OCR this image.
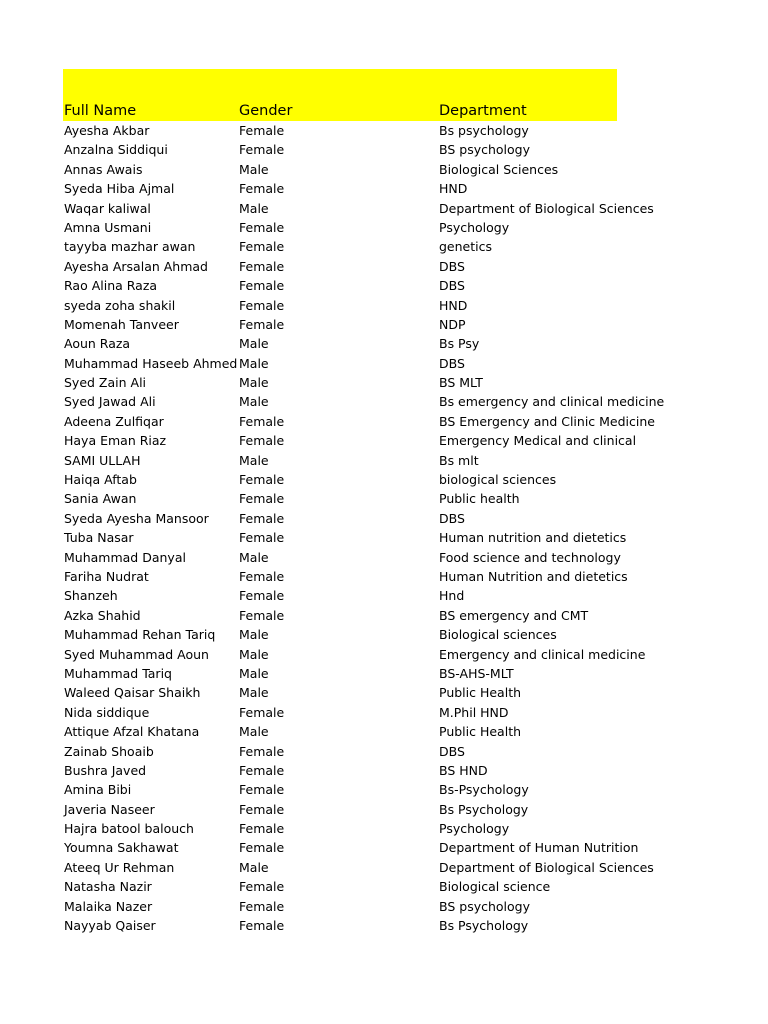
Full Name	Gender	Department
Ayesha Akbar	Female	Bs psychology
Anzalna Siddiqui	Female	BS psychology
Annas Awais	Male	Biological Sciences
Syeda Hiba Ajmal	Female	HND
Waqar kaliwal	Male	Department of Biological Sciences
Amna Usmani	Female	Psychology
tayyba mazhar awan	Female	genetics
Ayesha Arsalan Ahmad	Female	DBS
Rao Alina Raza	Female	DBS
syeda zoha shakil	Female	HND
Momenah Tanveer	Female	NDP
Aoun Raza	Male	Bs Psy
Muhammad Haseeb Ahmed Male	DBS
Syed Zain Ali	Male	BS MLT
Syed Jawad Ali	Male	Bs emergency and clinical medicine
Adeena Zulfiqar	Female	BS Emergency and Clinic Medicine
Haya Eman Riaz	Female	Emergency Medical and clinical
SAMI ULLAH	Male	Bs mlt
Haiqa Aftab	Female	biological sciences
Sania Awan	Female	Public health
Syeda Ayesha Mansoor	Female	DBS
Tuba Nasar	Female	Human nutrition and dietetics
Muhammad Danyal	Male	Food science and technology
Fariha Nudrat	Female	Human Nutrition and dietetics
Shanzeh	Female	Hnd
Azka Shahid	Female	BS emergency and CMT
Muhammad Rehan Tariq	Male	Biological sciences
Syed Muhammad Aoun	Male	Emergency and clinical medicine
Muhammad Tariq	Male	BS-AHS-MLT
Waleed Qaisar Shaikh	Male	Public Health
Nida siddique	Female	M.Phil HND
Attique Afzal Khatana	Male	Public Health
Zainab Shoaib	Female	DBS
Bushra Javed	Female	BS HND
Amina Bibi	Female	Bs-Psychology
Javeria Naseer	Female	Bs Psychology
Hajra batool balouch	Female	Psychology
Youmna Sakhawat	Female	Department of Human Nutrition
Ateeq Ur Rehman	Male	Department of Biological Sciences
Natasha Nazir	Female	Biological science
Malaika Nazer	Female	BS psychology
Nayyab Qaiser	Female	Bs Psychology
